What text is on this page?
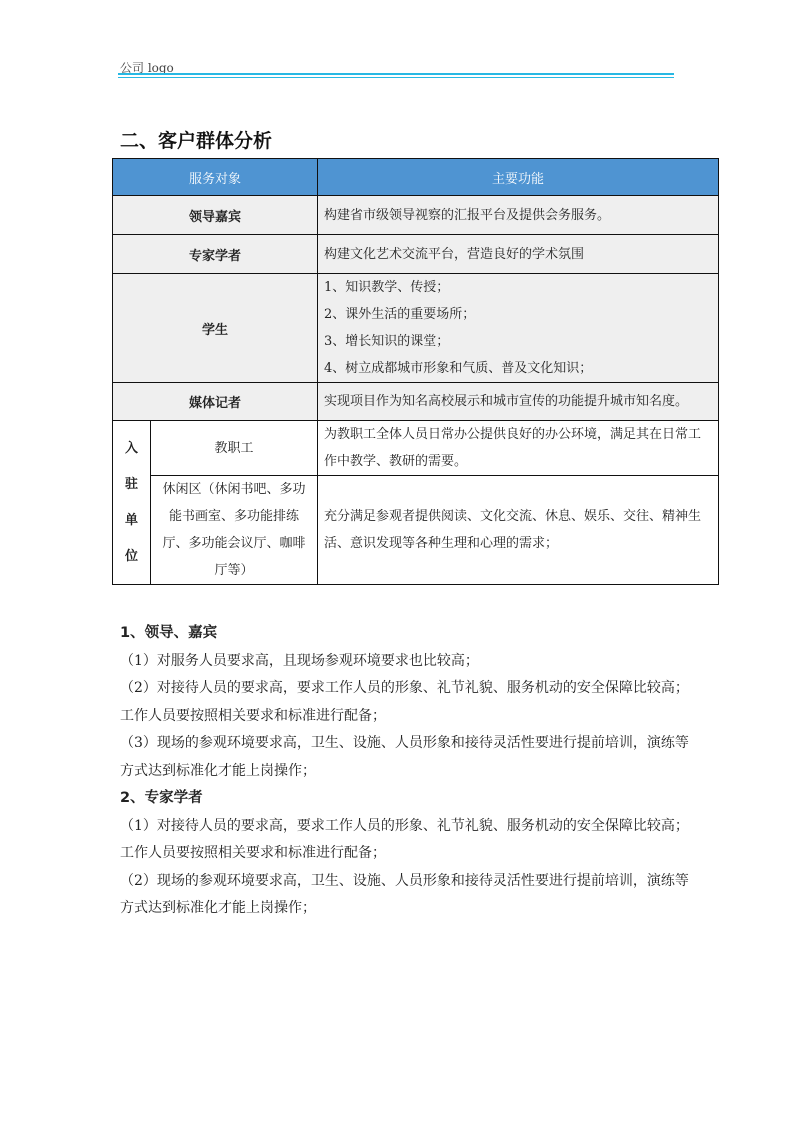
公司 logo
二、客户群体分析
服务对象		主要功能
领导嘉宾		构建省市级领导视察的汇报平台及提供会务服务。
专家学者		构建文化艺术交流平台，营造良好的学术氛围
学生		1、知识教学、传授；
2、课外生活的重要场所；
3、增长知识的课堂；
4、树立成都城市形象和气质、普及文化知识；

媒体记者		实现项目作为知名高校展示和城市宣传的功能提升城市知名度。

入
驻
单
位	教职工	为教职工全体人员日常办公提供良好的办公环境，满足其在日常工作中教学、教研的需要。
	休闲区（休闲书吧、多功能书画室、多功能排练厅、多功能会议厅、咖啡厅等）	充分满足参观者提供阅读、文化交流、休息、娱乐、交往、精神生活、意识发现等各种生理和心理的需求；

1、领导、嘉宾

（1）对服务人员要求高，且现场参观环境要求也比较高；

（2）对接待人员的要求高，要求工作人员的形象、礼节礼貌、服务机动的安全保障比较高；工作人员要按照相关要求和标准进行配备；

（3）现场的参观环境要求高，卫生、设施、人员形象和接待灵活性要进行提前培训，演练等方式达到标准化才能上岗操作；

2、专家学者

（1）对接待人员的要求高，要求工作人员的形象、礼节礼貌、服务机动的安全保障比较高；工作人员要按照相关要求和标准进行配备；

（2）现场的参观环境要求高，卫生、设施、人员形象和接待灵活性要进行提前培训，演练等方式达到标准化才能上岗操作；
